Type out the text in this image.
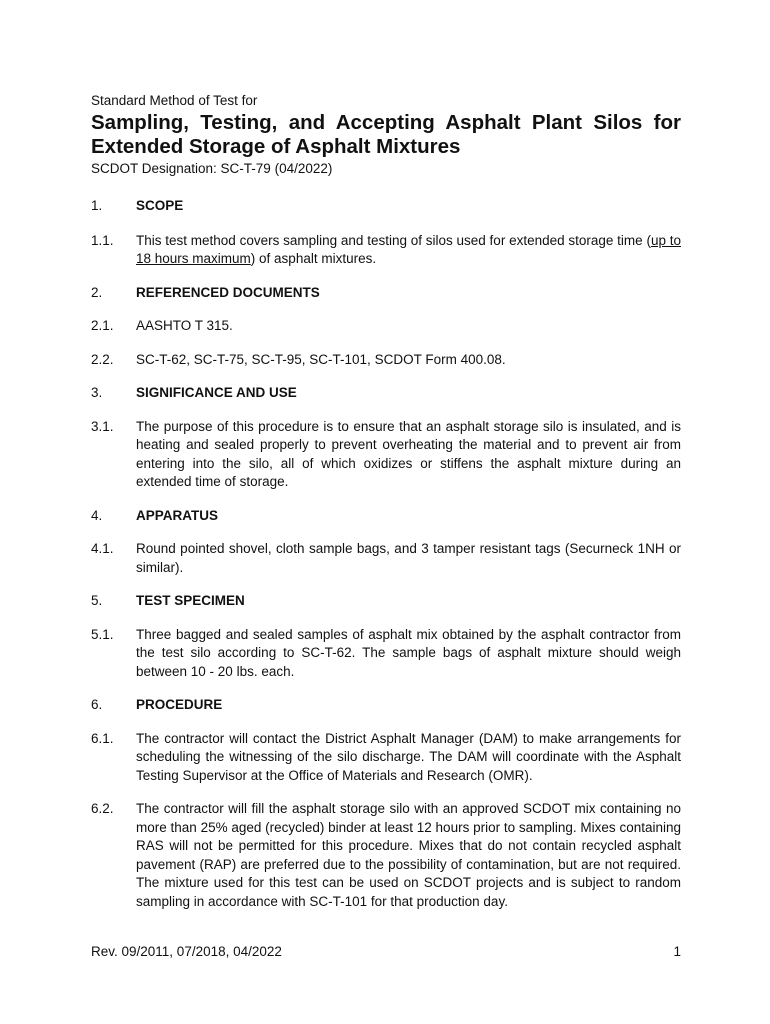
Standard Method of Test for

Sampling, Testing, and Accepting Asphalt Plant Silos for Extended Storage of Asphalt Mixtures

SCDOT Designation: SC-T-79 (04/2022)

1.	SCOPE
1.1.	This test method covers sampling and testing of silos used for extended storage time (up to 18 hours maximum) of asphalt mixtures.
2.	REFERENCED DOCUMENTS
2.1.	AASHTO T 315.
2.2.	SC-T-62, SC-T-75, SC-T-95, SC-T-101, SCDOT Form 400.08.
3.	SIGNIFICANCE AND USE
3.1.	The purpose of this procedure is to ensure that an asphalt storage silo is insulated, and is heating and sealed properly to prevent overheating the material and to prevent air from entering into the silo, all of which oxidizes or stiffens the asphalt mixture during an extended time of storage.
4.	APPARATUS
4.1.	Round pointed shovel, cloth sample bags, and 3 tamper resistant tags (Securneck 1NH or similar).
5.	TEST SPECIMEN
5.1.	Three bagged and sealed samples of asphalt mix obtained by the asphalt contractor from the test silo according to SC-T-62. The sample bags of asphalt mixture should weigh between 10 - 20 lbs. each.
6.	PROCEDURE
6.1.	The contractor will contact the District Asphalt Manager (DAM) to make arrangements for scheduling the witnessing of the silo discharge. The DAM will coordinate with the Asphalt Testing Supervisor at the Office of Materials and Research (OMR).
6.2.	The contractor will fill the asphalt storage silo with an approved SCDOT mix containing no more than 25% aged (recycled) binder at least 12 hours prior to sampling. Mixes containing RAS will not be permitted for this procedure. Mixes that do not contain recycled asphalt pavement (RAP) are preferred due to the possibility of contamination, but are not required. The mixture used for this test can be used on SCDOT projects and is subject to random sampling in accordance with SC-T-101 for that production day.
Rev. 09/2011, 07/2018, 04/2022	1
